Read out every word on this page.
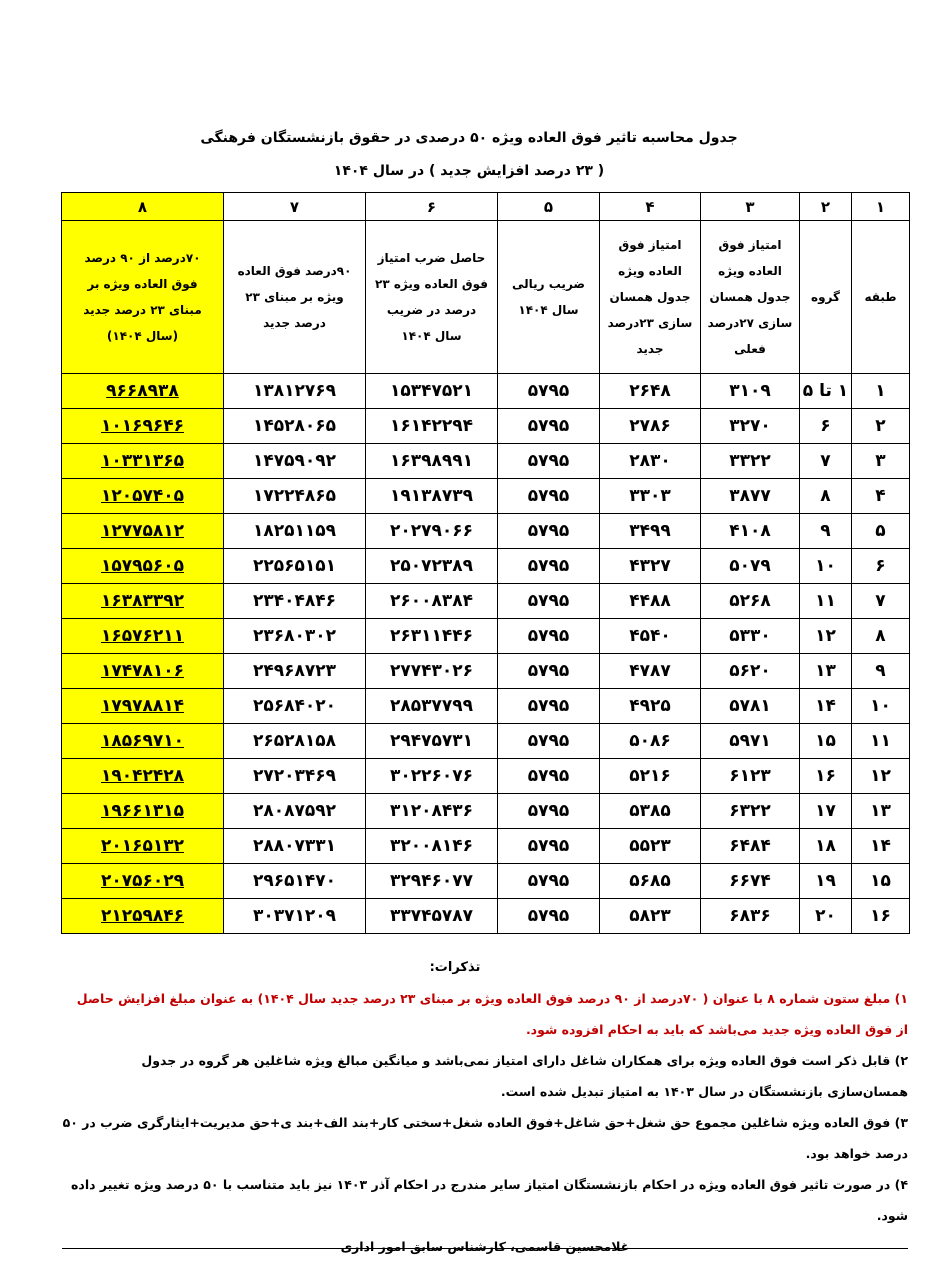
جدول محاسبه تاثیر فوق العاده ویژه ۵۰ درصدی در حقوق بازنشستگان فرهنگی
( ۲۳ درصد افزایش جدید ) در سال ۱۴۰۴
۱	۲	۳	۴	۵	۶	۷	۸
طبقه	گروه	امتیاز فوق العاده ویژه جدول همسان سازی ۲۷درصد فعلی	امتیاز فوق العاده ویژه جدول همسان سازی ۲۳درصد جدید	ضریب ریالی سال ۱۴۰۴	حاصل ضرب امتیاز فوق العاده ویژه ۲۳ درصد در ضریب سال ۱۴۰۴	۹۰درصد فوق العاده ویژه بر مبنای ۲۳ درصد جدید	۷۰درصد از ۹۰ درصد فوق العاده ویژه بر مبنای ۲۳ درصد جدید (سال ۱۴۰۴)
۱	۱ تا ۵	۳۱۰۹	۲۶۴۸	۵۷۹۵	۱۵۳۴۷۵۲۱	۱۳۸۱۲۷۶۹	۹۶۶۸۹۳۸
۲	۶	۳۲۷۰	۲۷۸۶	۵۷۹۵	۱۶۱۴۲۲۹۴	۱۴۵۲۸۰۶۵	۱۰۱۶۹۶۴۶
۳	۷	۳۳۲۲	۲۸۳۰	۵۷۹۵	۱۶۳۹۸۹۹۱	۱۴۷۵۹۰۹۲	۱۰۳۳۱۳۶۵
۴	۸	۳۸۷۷	۳۳۰۳	۵۷۹۵	۱۹۱۳۸۷۳۹	۱۷۲۲۴۸۶۵	۱۲۰۵۷۴۰۵
۵	۹	۴۱۰۸	۳۴۹۹	۵۷۹۵	۲۰۲۷۹۰۶۶	۱۸۲۵۱۱۵۹	۱۲۷۷۵۸۱۲
۶	۱۰	۵۰۷۹	۴۳۲۷	۵۷۹۵	۲۵۰۷۲۳۸۹	۲۲۵۶۵۱۵۱	۱۵۷۹۵۶۰۵
۷	۱۱	۵۲۶۸	۴۴۸۸	۵۷۹۵	۲۶۰۰۸۳۸۴	۲۳۴۰۴۸۴۶	۱۶۳۸۳۳۹۲
۸	۱۲	۵۳۳۰	۴۵۴۰	۵۷۹۵	۲۶۳۱۱۴۴۶	۲۳۶۸۰۳۰۲	۱۶۵۷۶۲۱۱
۹	۱۳	۵۶۲۰	۴۷۸۷	۵۷۹۵	۲۷۷۴۳۰۲۶	۲۴۹۶۸۷۲۳	۱۷۴۷۸۱۰۶
۱۰	۱۴	۵۷۸۱	۴۹۲۵	۵۷۹۵	۲۸۵۳۷۷۹۹	۲۵۶۸۴۰۲۰	۱۷۹۷۸۸۱۴
۱۱	۱۵	۵۹۷۱	۵۰۸۶	۵۷۹۵	۲۹۴۷۵۷۳۱	۲۶۵۲۸۱۵۸	۱۸۵۶۹۷۱۰
۱۲	۱۶	۶۱۲۳	۵۲۱۶	۵۷۹۵	۳۰۲۲۶۰۷۶	۲۷۲۰۳۴۶۹	۱۹۰۴۲۴۲۸
۱۳	۱۷	۶۳۲۲	۵۳۸۵	۵۷۹۵	۳۱۲۰۸۴۳۶	۲۸۰۸۷۵۹۲	۱۹۶۶۱۳۱۵
۱۴	۱۸	۶۴۸۴	۵۵۲۳	۵۷۹۵	۳۲۰۰۸۱۴۶	۲۸۸۰۷۳۳۱	۲۰۱۶۵۱۳۲
۱۵	۱۹	۶۶۷۴	۵۶۸۵	۵۷۹۵	۳۲۹۴۶۰۷۷	۲۹۶۵۱۴۷۰	۲۰۷۵۶۰۲۹
۱۶	۲۰	۶۸۳۶	۵۸۲۳	۵۷۹۵	۳۳۷۴۵۷۸۷	۳۰۳۷۱۲۰۹	۲۱۲۵۹۸۴۶
تذکرات:
۱) مبلغ ستون شماره ۸ با عنوان ( ۷۰درصد از ۹۰ درصد فوق العاده ویژه بر مبنای ۲۳ درصد جدید سال ۱۴۰۴) به عنوان مبلغ افزایش حاصل از فوق العاده ویژه جدید می‌باشد که باید به احکام افزوده شود.
۲) قابل ذکر است فوق العاده ویژه برای همکاران شاغل دارای امتیاز نمی‌باشد و میانگین مبالغ ویژه شاغلین هر گروه در جدول همسان‌سازی بازنشستگان در سال ۱۴۰۳ به امتیاز تبدیل شده است.
۳) فوق العاده ویژه شاغلین مجموع حق شغل+حق شاغل+فوق العاده شغل+سختی کار+بند الف+بند ی+حق مدیریت+ایثارگری ضرب در ۵۰ درصد خواهد بود.
۴) در صورت تاثیر فوق العاده ویژه در احکام بازنشستگان امتیاز سایر مندرج در احکام آذر ۱۴۰۳ نیز باید متناسب با ۵۰ درصد ویژه تغییر داده شود.
غلامحسین قاسمی، کارشناس سابق امور اداری
